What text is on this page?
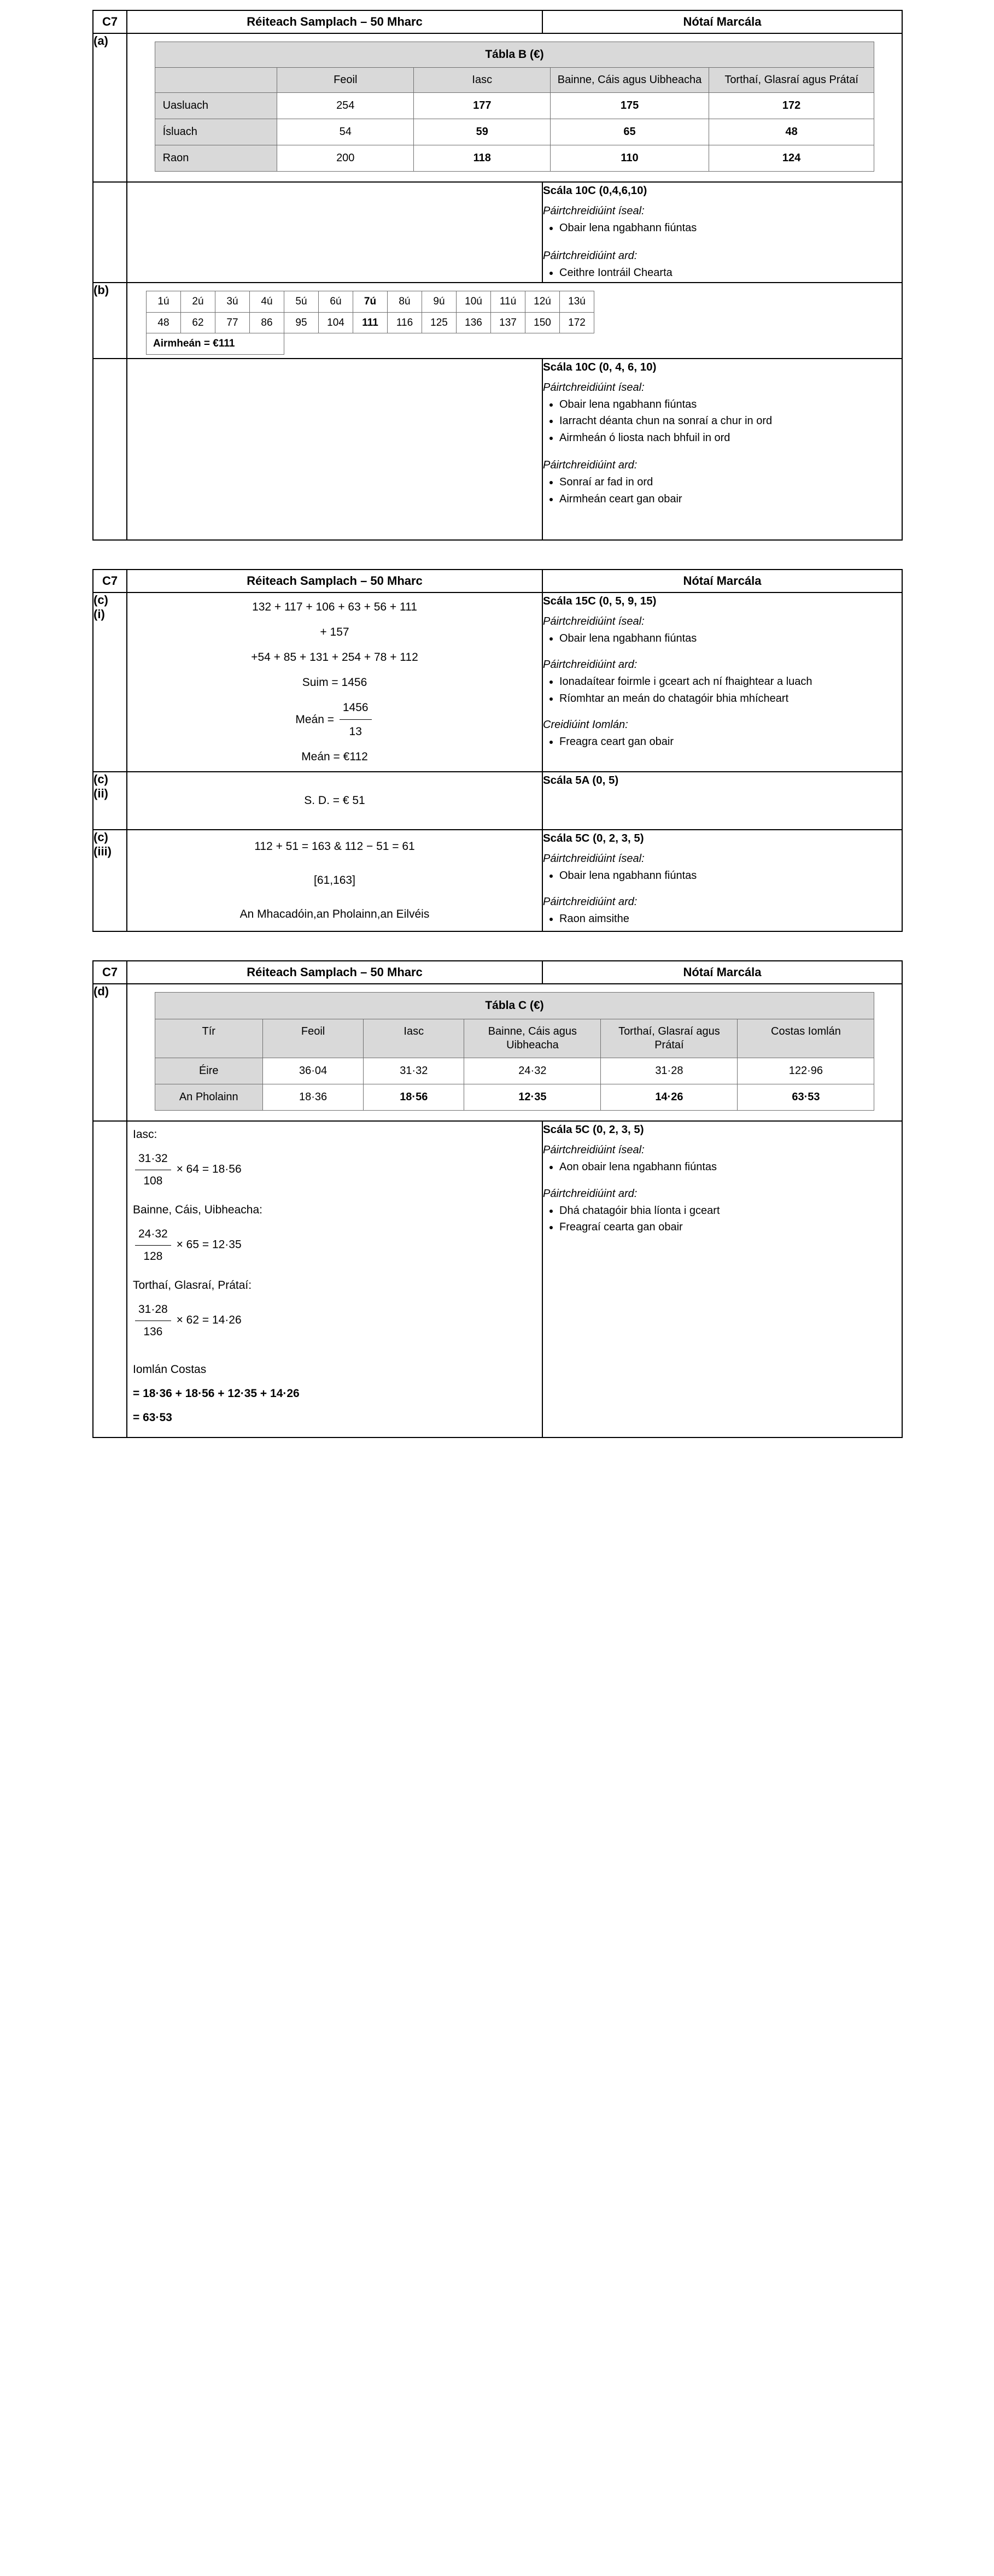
C7	Réiteach Samplach – 50 Mharc	Nótaí Marcála
(a)	
Tábla B (€)
	Feoil	Iasc	Bainne, Cáis agus Uibheacha	Torthaí, Glasraí agus Prátaí
Uasluach	254	177	175	172
Ísluach	54	59	65	48
Raon	200	118	110	124

Scála 10C (0,4,6,10)
Páirtchreidiúint íseal:
• Obair lena ngabhann fiúntas
Páirtchreidiúint ard:
• Ceithre Iontráil Chearta

(b)	
1ú	2ú	3ú	4ú	5ú	6ú	7ú	8ú	9ú	10ú	11ú	12ú	13ú
48	62	77	86	95	104	111	116	125	136	137	150	172
Airmheán = €111	

Scála 10C (0, 4, 6, 10)
Páirtchreidiúint íseal:
• Obair lena ngabhann fiúntas
• Iarracht déanta chun na sonraí a chur in ord
• Airmheán ó liosta nach bhfuil in ord
Páirtchreidiúint ard:
• Sonraí ar fad in ord
• Airmheán ceart gan obair
C7	Réiteach Samplach – 50 Mharc	Nótaí Marcála

(c)
(i)

132 + 117 + 106 + 63 + 56 + 111
+ 157
+54 + 85 + 131 + 254 + 78 + 112
Suim = 1456
Meán = $\frac{1456}{13}$
Meán = €112

Scála 15C (0, 5, 9, 15)
Páirtchreidiúint íseal:
• Obair lena ngabhann fiúntas
Páirtchreidiúint ard:
• Ionadaítear foirmle i gceart ach ní fhaightear a luach
• Ríomhtar an meán do chatagóir bhia mhícheart
Creidiúint Iomlán:
• Freagra ceart gan obair

(c)
(ii)	S. D. = € 51	Scála 5A (0, 5)

(c)
(iii)	112 + 51 = 163 & 112 − 51 = 61
[61,163]
An Mhacadóin,an Pholainn,an Eilvéis

Scála 5C (0, 2, 3, 5)
Páirtchreidiúint íseal:
• Obair lena ngabhann fiúntas
Páirtchreidiúint ard:
• Raon aimsithe
C7	Réiteach Samplach – 50 Mharc	Nótaí Marcála
(d)	
Tábla C (€)
Tír	Feoil	Iasc	Bainne, Cáis agus Uibheacha	Torthaí, Glasraí agus Prátaí	Costas Iomlán
Éire	36·04	31·32	24·32	31·28	122·96
An Pholainn	18·36	18·56	12·35	14·26	63·53

Iasc:
$\frac{31\cdot 32}{108} \times 64 = 18\cdot 56$
Bainne, Cáis, Uibheacha:
$\frac{24\cdot 32}{128} \times 65 = 12\cdot 35$
Torthaí, Glasraí, Prátaí:
$\frac{31\cdot 28}{136} \times 62 = 14\cdot 26$
Iomlán Costas
= 18·36 + 18·56 + 12·35 + 14·26
= 63·53

Scála 5C (0, 2, 3, 5)
Páirtchreidiúint íseal:
• Aon obair lena ngabhann fiúntas
Páirtchreidiúint ard:
• Dhá chatagóir bhia líonta i gceart
• Freagraí cearta gan obair
